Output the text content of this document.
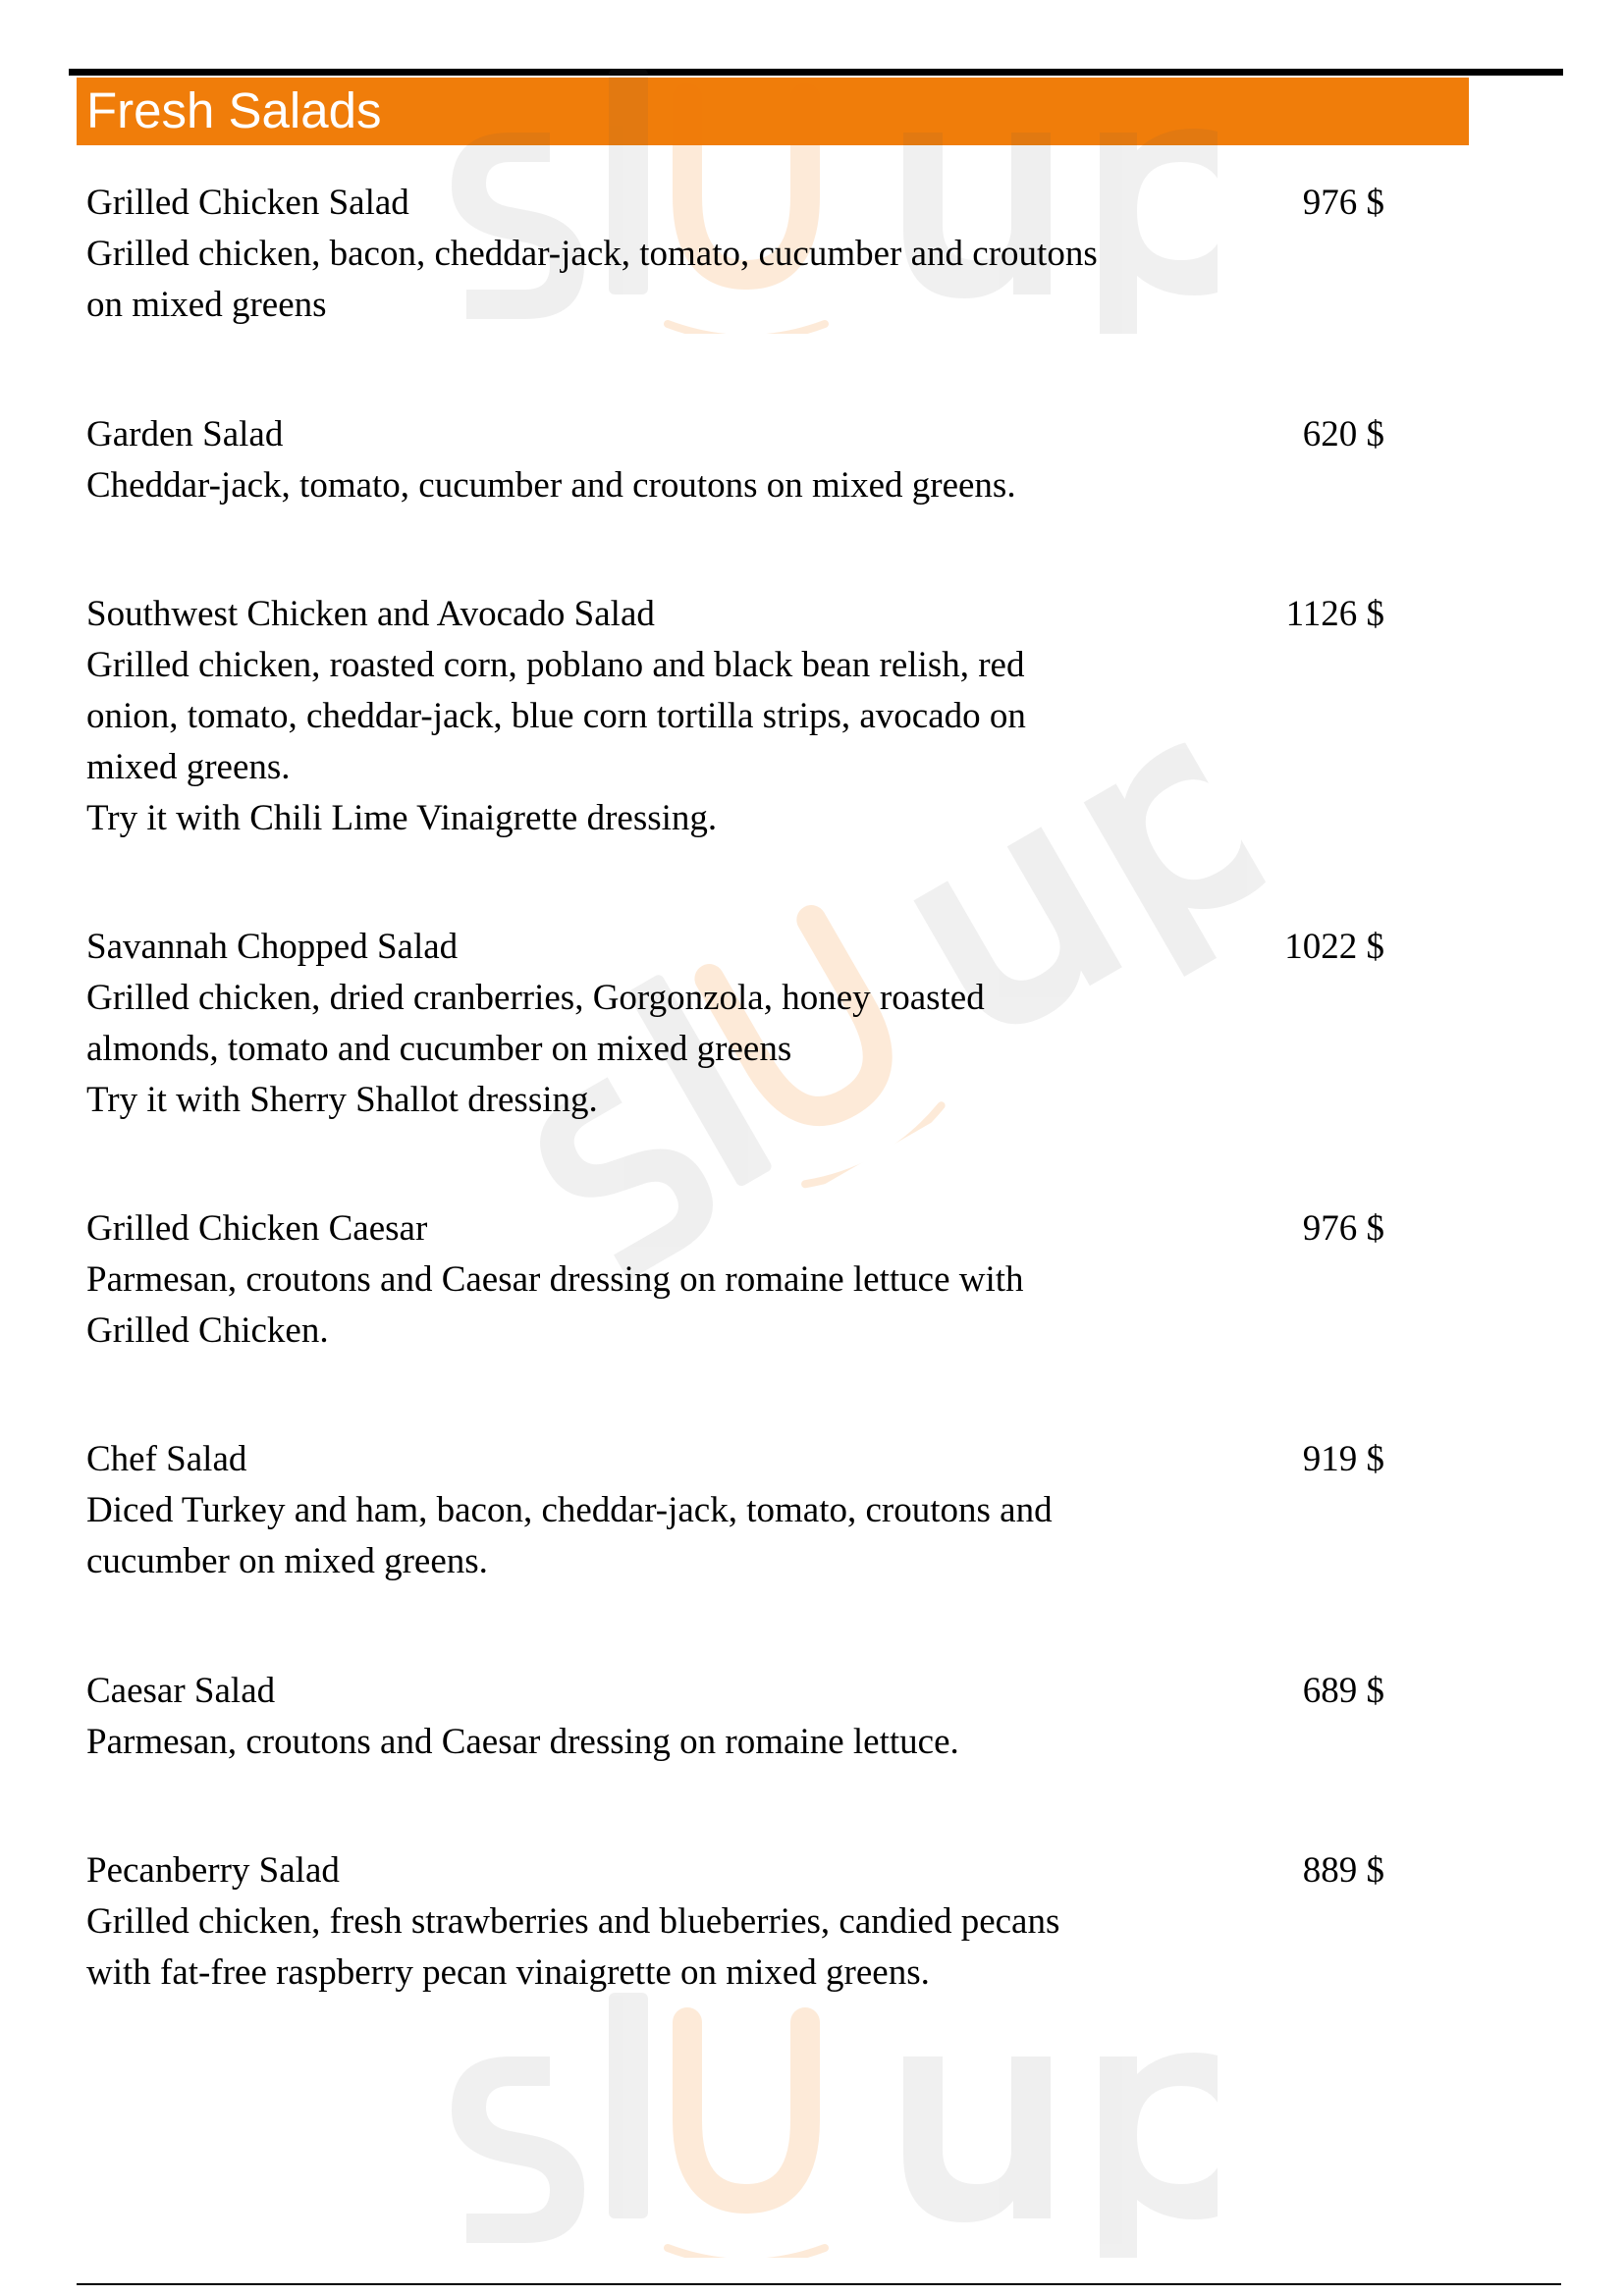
Fresh Salads
Grilled Chicken Salad	976 $
Grilled chicken, bacon, cheddar-jack, tomato, cucumber and croutons
on mixed greens
Garden Salad	620 $
Cheddar-jack, tomato, cucumber and croutons on mixed greens.
Southwest Chicken and Avocado Salad	1126 $
Grilled chicken, roasted corn, poblano and black bean relish, red
onion, tomato, cheddar-jack, blue corn tortilla strips, avocado on
mixed greens.
Try it with Chili Lime Vinaigrette dressing.
Savannah Chopped Salad	1022 $
Grilled chicken, dried cranberries, Gorgonzola, honey roasted
almonds, tomato and cucumber on mixed greens
Try it with Sherry Shallot dressing.
Grilled Chicken Caesar	976 $
Parmesan, croutons and Caesar dressing on romaine lettuce with
Grilled Chicken.
Chef Salad	919 $
Diced Turkey and ham, bacon, cheddar-jack, tomato, croutons and
cucumber on mixed greens.
Caesar Salad	689 $
Parmesan, croutons and Caesar dressing on romaine lettuce.
Pecanberry Salad	889 $
Grilled chicken, fresh strawberries and blueberries, candied pecans
with fat-free raspberry pecan vinaigrette on mixed greens.
